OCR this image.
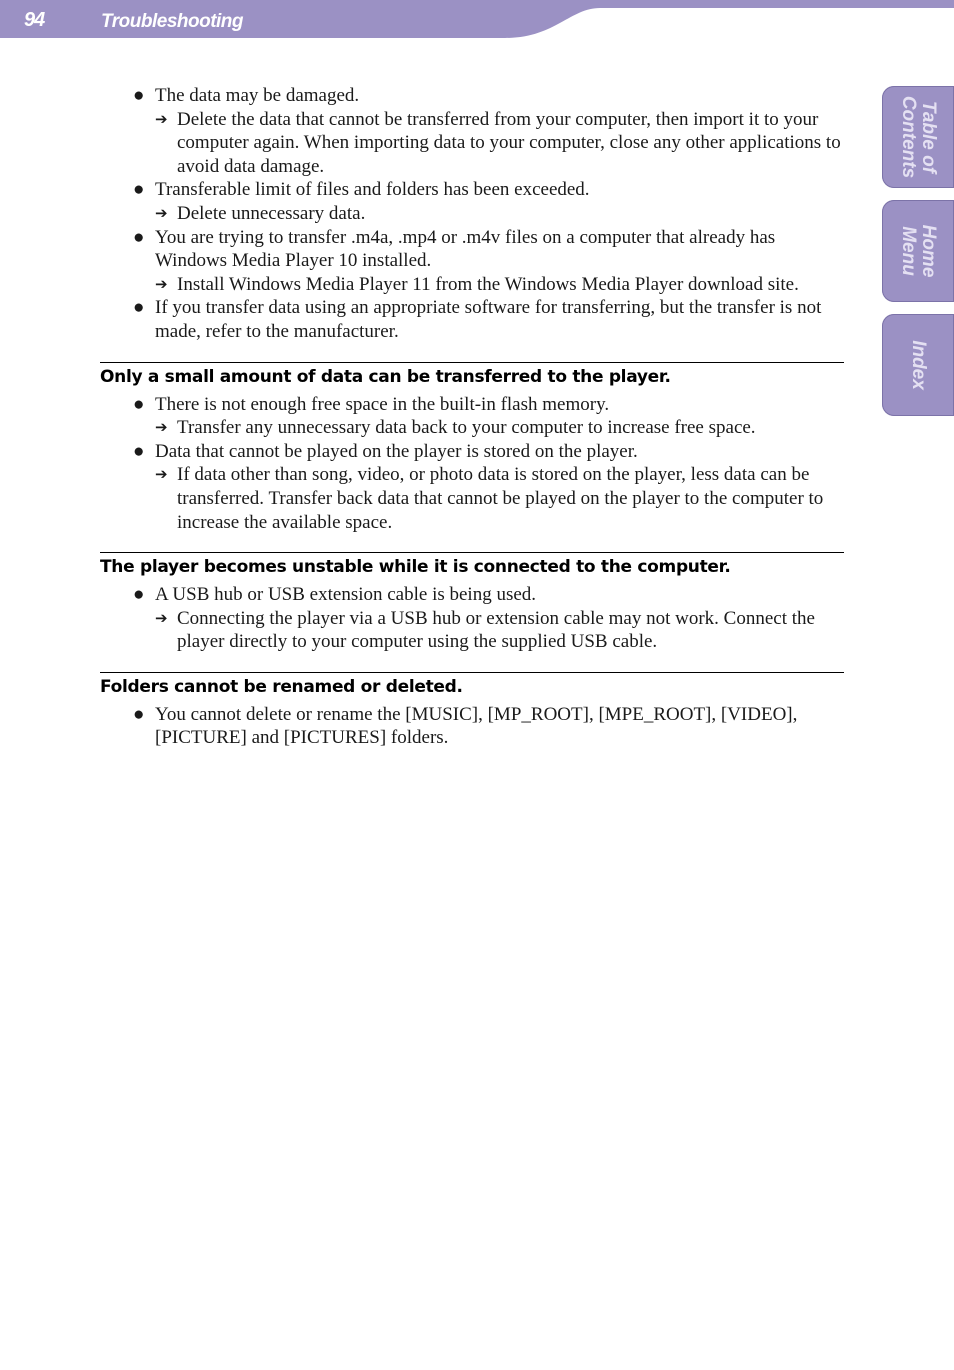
94	Troubleshooting
Table of
Contents
Home
Menu
Index
● The data may be damaged.
➔ Delete the data that cannot be transferred from your computer, then import it to your computer again. When importing data to your computer, close any other applications to avoid data damage.
● Transferable limit of files and folders has been exceeded.
➔ Delete unnecessary data.
● You are trying to transfer .m4a, .mp4 or .m4v files on a computer that already has Windows Media Player 10 installed.
➔ Install Windows Media Player 11 from the Windows Media Player download site.
● If you transfer data using an appropriate software for transferring, but the transfer is not made, refer to the manufacturer.
Only a small amount of data can be transferred to the player.
● There is not enough free space in the built-in flash memory.
➔ Transfer any unnecessary data back to your computer to increase free space.
● Data that cannot be played on the player is stored on the player.
➔ If data other than song, video, or photo data is stored on the player, less data can be transferred. Transfer back data that cannot be played on the player to the computer to increase the available space.
The player becomes unstable while it is connected to the computer.
● A USB hub or USB extension cable is being used.
➔ Connecting the player via a USB hub or extension cable may not work. Connect the player directly to your computer using the supplied USB cable.
Folders cannot be renamed or deleted.
● You cannot delete or rename the [MUSIC], [MP_ROOT], [MPE_ROOT], [VIDEO], [PICTURE] and [PICTURES] folders.
